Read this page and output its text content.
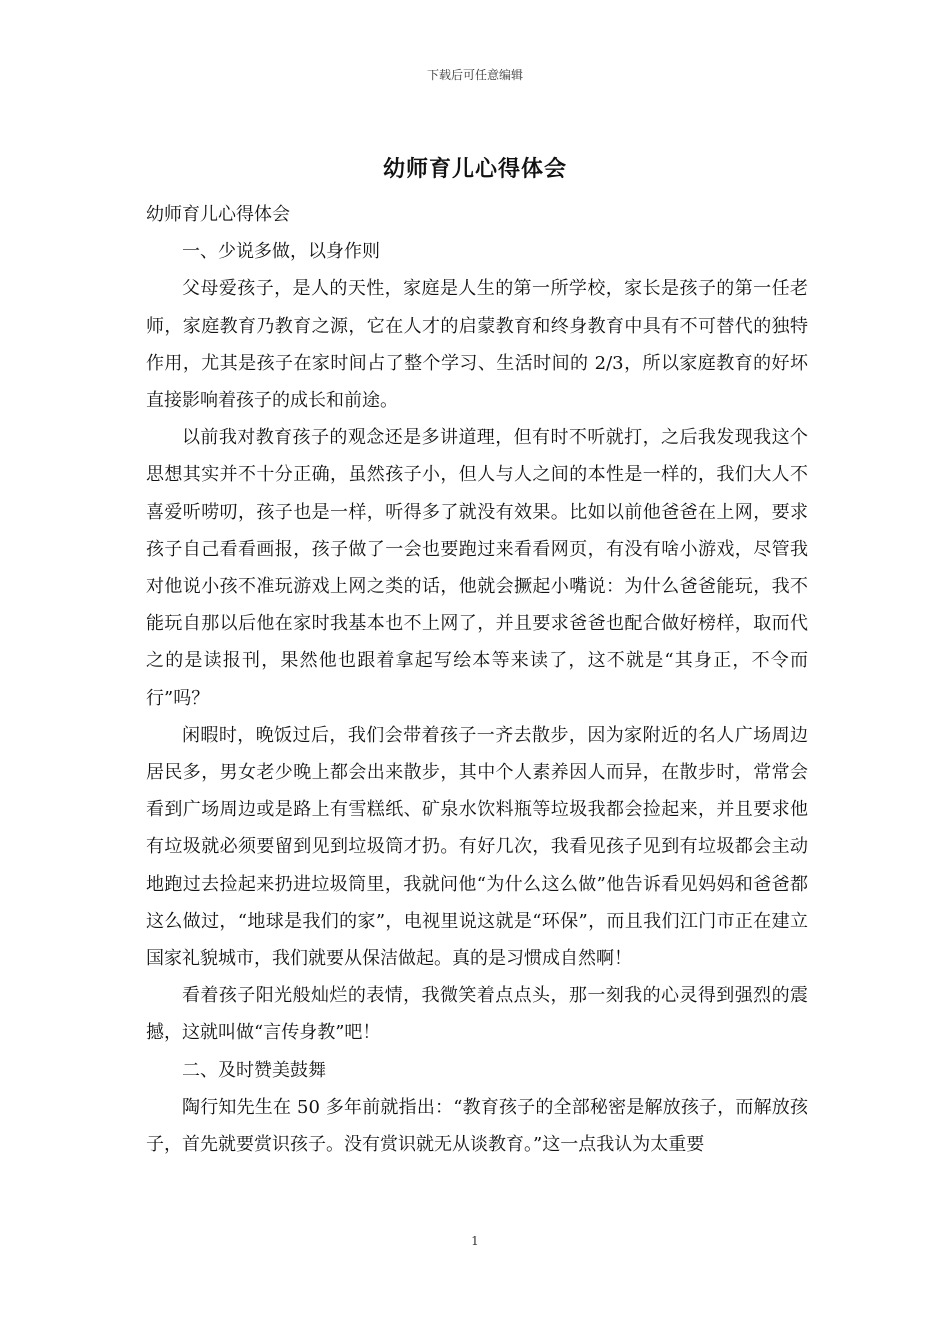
下载后可任意编辑
幼师育儿心得体会

幼师育儿心得体会

一、少说多做，以身作则

父母爱孩子，是人的天性，家庭是人生的第一所学校，家长是孩子的第一任老师，家庭教育乃教育之源，它在人才的启蒙教育和终身教育中具有不可替代的独特作用，尤其是孩子在家时间占了整个学习、生活时间的 2/3，所以家庭教育的好坏直接影响着孩子的成长和前途。

以前我对教育孩子的观念还是多讲道理，但有时不听就打，之后我发现我这个思想其实并不十分正确，虽然孩子小，但人与人之间的本性是一样的，我们大人不喜爱听唠叨，孩子也是一样，听得多了就没有效果。比如以前他爸爸在上网，要求孩子自己看看画报，孩子做了一会也要跑过来看看网页，有没有啥小游戏，尽管我对他说小孩不准玩游戏上网之类的话，他就会撅起小嘴说：为什么爸爸能玩，我不能玩自那以后他在家时我基本也不上网了，并且要求爸爸也配合做好榜样，取而代之的是读报刊，果然他也跟着拿起写绘本等来读了，这不就是“其身正，不令而行”吗？

闲暇时，晚饭过后，我们会带着孩子一齐去散步，因为家附近的名人广场周边居民多，男女老少晚上都会出来散步，其中个人素养因人而异，在散步时，常常会看到广场周边或是路上有雪糕纸、矿泉水饮料瓶等垃圾我都会捡起来，并且要求他有垃圾就必须要留到见到垃圾筒才扔。有好几次，我看见孩子见到有垃圾都会主动地跑过去捡起来扔进垃圾筒里，我就问他“为什么这么做”他告诉看见妈妈和爸爸都这么做过，“地球是我们的家”，电视里说这就是“环保”，而且我们江门市正在建立国家礼貌城市，我们就要从保洁做起。真的是习惯成自然啊！

看着孩子阳光般灿烂的表情，我微笑着点点头，那一刻我的心灵得到强烈的震撼，这就叫做“言传身教”吧！

二、及时赞美鼓舞

陶行知先生在 50 多年前就指出：“教育孩子的全部秘密是解放孩子，而解放孩子，首先就要赏识孩子。没有赏识就无从谈教育。”这一点我认为太重要

1
